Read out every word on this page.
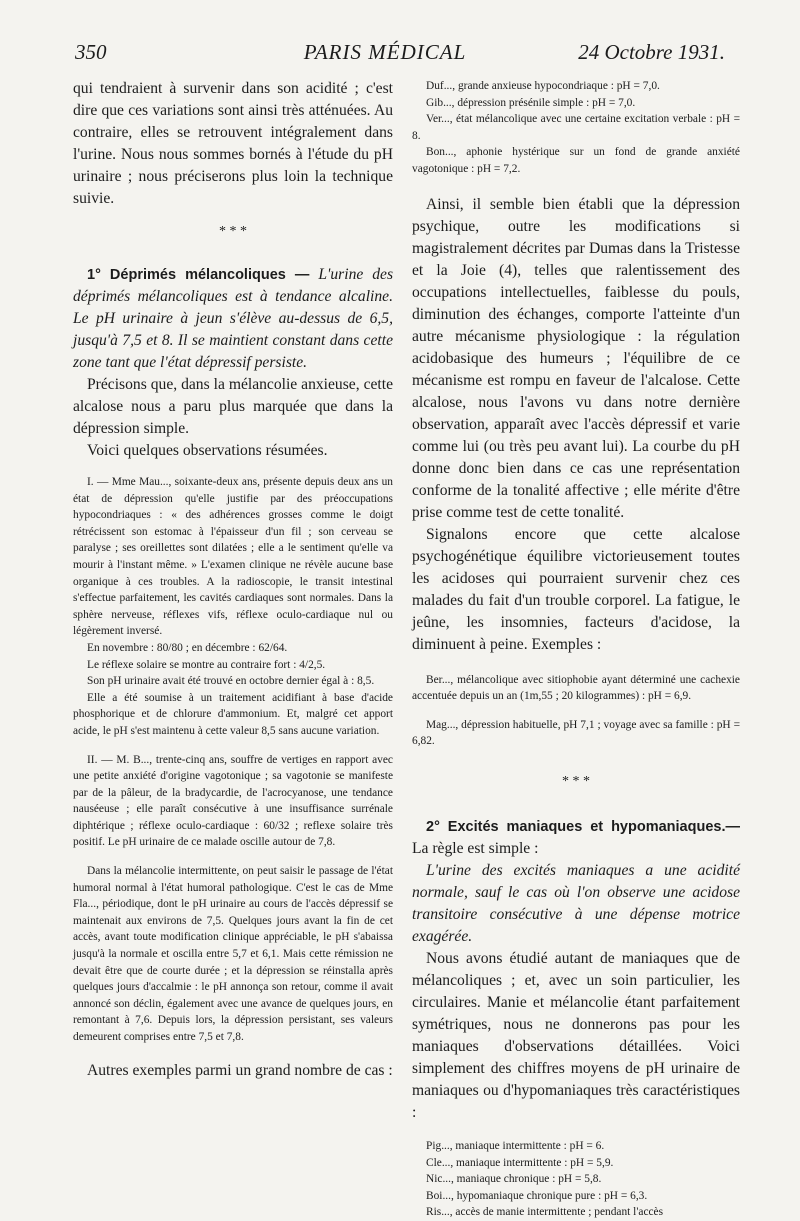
350	PARIS MÉDICAL	24 Octobre 1931.

qui tendraient à survenir dans son acidité ; c'est dire que ces variations sont ainsi très atténuées. Au contraire, elles se retrouvent intégralement dans l'urine. Nous nous sommes bornés à l'étude du pH urinaire ; nous préciserons plus loin la technique suivie.

* * *

1° Déprimés mélancoliques — L'urine des déprimés mélancoliques est à tendance alcaline. Le pH urinaire à jeun s'élève au-dessus de 6,5, jusqu'à 7,5 et 8. Il se maintient constant dans cette zone tant que l'état dépressif persiste.

Précisons que, dans la mélancolie anxieuse, cette alcalose nous a paru plus marquée que dans la dépression simple.

Voici quelques observations résumées.

I. — Mme Mau..., soixante-deux ans, présente depuis deux ans un état de dépression qu'elle justifie par des préoccupations hypocondriaques : « des adhérences grosses comme le doigt rétrécissent son estomac à l'épaisseur d'un fil ; son cerveau se paralyse ; ses oreillettes sont dilatées ; elle a le sentiment qu'elle va mourir à l'instant même. » L'examen clinique ne révèle aucune base organique à ces troubles. A la radioscopie, le transit intestinal s'effectue parfaitement, les cavités cardiaques sont normales. Dans la sphère nerveuse, réflexes vifs, réflexe oculo-cardiaque nul ou légèrement inversé.

En novembre : 80/80 ; en décembre : 62/64.

Le réflexe solaire se montre au contraire fort : 4/2,5.

Son pH urinaire avait été trouvé en octobre dernier égal à : 8,5.

Elle a été soumise à un traitement acidifiant à base d'acide phosphorique et de chlorure d'ammonium. Et, malgré cet apport acide, le pH s'est maintenu à cette valeur 8,5 sans aucune variation.

II. — M. B..., trente-cinq ans, souffre de vertiges en rapport avec une petite anxiété d'origine vagotonique ; sa vagotonie se manifeste par de la pâleur, de la bradycardie, de l'acrocyanose, une tendance nauséeuse ; elle paraît consécutive à une insuffisance surrénale diphtérique ; réflexe oculo-cardiaque : 60/32 ; reflexe solaire très positif. Le pH urinaire de ce malade oscille autour de 7,8.

Dans la mélancolie intermittente, on peut saisir le passage de l'état humoral normal à l'état humoral pathologique. C'est le cas de Mme Fla..., périodique, dont le pH urinaire au cours de l'accès dépressif se maintenait aux environs de 7,5. Quelques jours avant la fin de cet accès, avant toute modification clinique appréciable, le pH s'abaissa jusqu'à la normale et oscilla entre 5,7 et 6,1. Mais cette rémission ne devait être que de courte durée ; et la dépression se réinstalla après quelques jours d'accalmie : le pH annonça son retour, comme il avait annoncé son déclin, également avec une avance de quelques jours, en remontant à 7,6. Depuis lors, la dépression persistant, ses valeurs demeurent comprises entre 7,5 et 7,8.

Autres exemples parmi un grand nombre de cas :

Duf..., grande anxieuse hypocondriaque : pH = 7,0.

Gib..., dépression présénile simple : pH = 7,0.

Ver..., état mélancolique avec une certaine excitation verbale : pH = 8.

Bon..., aphonie hystérique sur un fond de grande anxiété vagotonique : pH = 7,2.

Ainsi, il semble bien établi que la dépression psychique, outre les modifications si magistralement décrites par Dumas dans la Tristesse et la Joie (4), telles que ralentissement des occupations intellectuelles, faiblesse du pouls, diminution des échanges, comporte l'atteinte d'un autre mécanisme physiologique : la régulation acidobasique des humeurs ; l'équilibre de ce mécanisme est rompu en faveur de l'alcalose. Cette alcalose, nous l'avons vu dans notre dernière observation, apparaît avec l'accès dépressif et varie comme lui (ou très peu avant lui). La courbe du pH donne donc bien dans ce cas une représentation conforme de la tonalité affective ; elle mérite d'être prise comme test de cette tonalité.

Signalons encore que cette alcalose psychogénétique équilibre victorieusement toutes les acidoses qui pourraient survenir chez ces malades du fait d'un trouble corporel. La fatigue, le jeûne, les insomnies, facteurs d'acidose, la diminuent à peine. Exemples :

Ber..., mélancolique avec sitiophobie ayant déterminé une cachexie accentuée depuis un an (1m,55 ; 20 kilogrammes) : pH = 6,9.

Mag..., dépression habituelle, pH 7,1 ; voyage avec sa famille : pH = 6,82.

* * *

2° Excités maniaques et hypomaniaques.— La règle est simple :

L'urine des excités maniaques a une acidité normale, sauf le cas où l'on observe une acidose transitoire consécutive à une dépense motrice exagérée.

Nous avons étudié autant de maniaques que de mélancoliques ; et, avec un soin particulier, les circulaires. Manie et mélancolie étant parfaitement symétriques, nous ne donnerons pas pour les maniaques d'observations détaillées. Voici simplement des chiffres moyens de pH urinaire de maniaques ou d'hypomaniaques très caractéristiques :

Pig..., maniaque intermittente : pH = 6.

Cle..., maniaque intermittente : pH = 5,9.

Nic..., maniaque chronique : pH = 5,8.

Boi..., hypomaniaque chronique pure : pH = 6,3.

Ris..., accès de manie intermittente ; pendant l'accès
